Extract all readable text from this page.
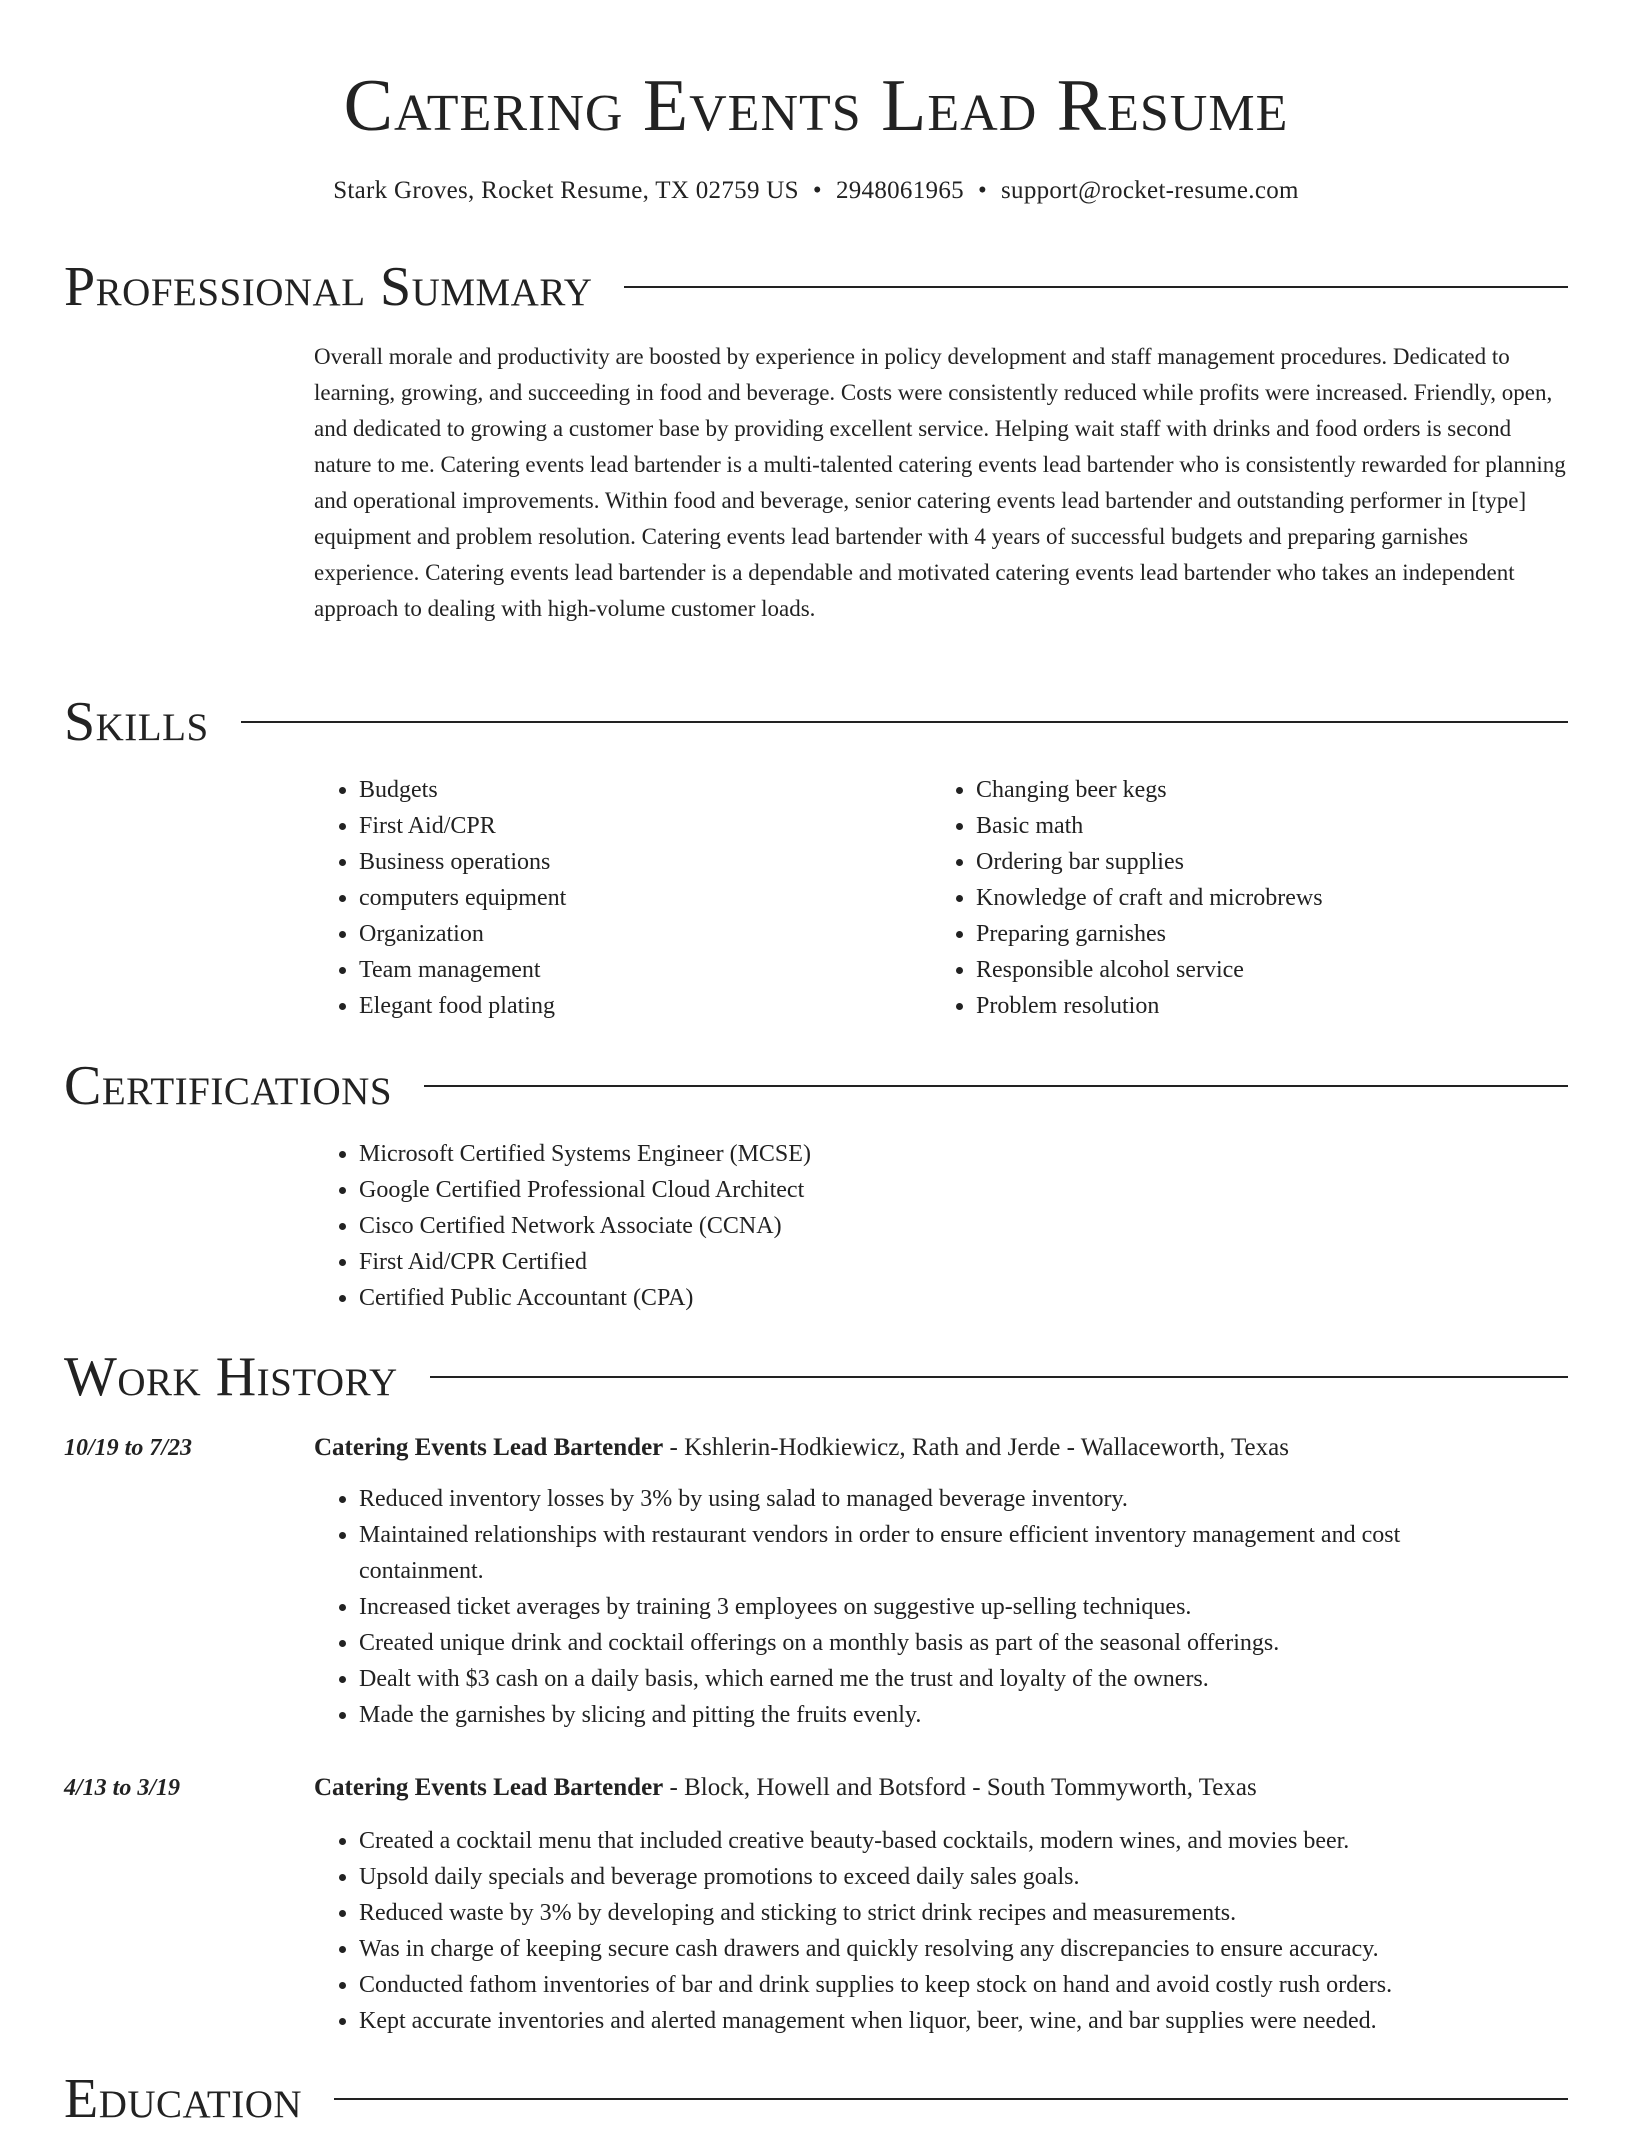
Catering Events Lead Resume
Stark Groves, Rocket Resume, TX 02759 US • 2948061965 • support@rocket-resume.com
Professional Summary

Overall morale and productivity are boosted by experience in policy development and staff management procedures. Dedicated to learning, growing, and succeeding in food and beverage. Costs were consistently reduced while profits were increased. Friendly, open, and dedicated to growing a customer base by providing excellent service. Helping wait staff with drinks and food orders is second nature to me. Catering events lead bartender is a multi-talented catering events lead bartender who is consistently rewarded for planning and operational improvements. Within food and beverage, senior catering events lead bartender and outstanding performer in [type] equipment and problem resolution. Catering events lead bartender with 4 years of successful budgets and preparing garnishes experience. Catering events lead bartender is a dependable and motivated catering events lead bartender who takes an independent approach to dealing with high-volume customer loads.

Skills
• Budgets
• First Aid/CPR
• Business operations
• computers equipment
• Organization
• Team management
• Elegant food plating
• Changing beer kegs
• Basic math
• Ordering bar supplies
• Knowledge of craft and microbrews
• Preparing garnishes
• Responsible alcohol service
• Problem resolution
Certifications
• Microsoft Certified Systems Engineer (MCSE)
• Google Certified Professional Cloud Architect
• Cisco Certified Network Associate (CCNA)
• First Aid/CPR Certified
• Certified Public Accountant (CPA)
Work History
10/19 to 7/23	Catering Events Lead Bartender - Kshlerin-Hodkiewicz, Rath and Jerde - Wallaceworth, Texas
• Reduced inventory losses by 3% by using salad to managed beverage inventory.
• Maintained relationships with restaurant vendors in order to ensure efficient inventory management and cost containment.
• Increased ticket averages by training 3 employees on suggestive up-selling techniques.
• Created unique drink and cocktail offerings on a monthly basis as part of the seasonal offerings.
• Dealt with $3 cash on a daily basis, which earned me the trust and loyalty of the owners.
• Made the garnishes by slicing and pitting the fruits evenly.
4/13 to 3/19	Catering Events Lead Bartender - Block, Howell and Botsford - South Tommyworth, Texas
• Created a cocktail menu that included creative beauty-based cocktails, modern wines, and movies beer.
• Upsold daily specials and beverage promotions to exceed daily sales goals.
• Reduced waste by 3% by developing and sticking to strict drink recipes and measurements.
• Was in charge of keeping secure cash drawers and quickly resolving any discrepancies to ensure accuracy.
• Conducted fathom inventories of bar and drink supplies to keep stock on hand and avoid costly rush orders.
• Kept accurate inventories and alerted management when liquor, beer, wine, and bar supplies were needed.
Education
